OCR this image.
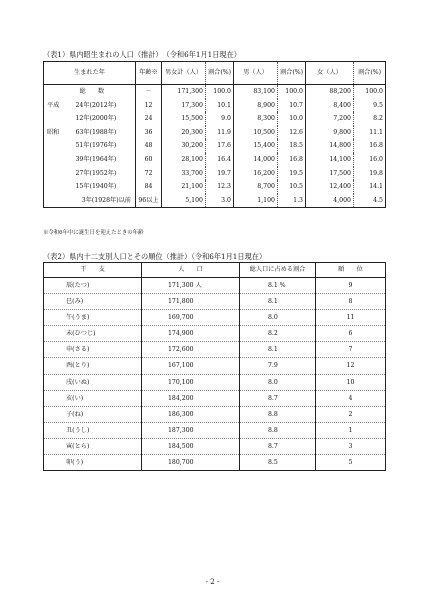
（表1）県内昭生まれの人口（推計）　（令和6年1月1日現在）
生まれた年		年齢※	男女計（人）	割合(%)	男（人）	割合(%)	女（人）	割合(%)
	総　　数	－	171,300	100.0	83,100	100.0	88,200	100.0
平成	24年(2012年)	12	17,300	10.1	8,900	10.7	8,400	9.5
	12年(2000年)	24	15,500	9.0	8,300	10.0	7,200	8.2
昭和	63年(1988年)	36	20,300	11.9	10,500	12.6	9,800	11.1
	51年(1976年)	48	30,200	17.6	15,400	18.5	14,800	16.8
	39年(1964年)	60	28,100	16.4	14,000	16.8	14,100	16.0
	27年(1952年)	72	33,700	19.7	16,200	19.5	17,500	19.8
	15年(1940年)	84	21,100	12.3	8,700	10.5	12,400	14.1
	3年(1928年)以前	96以上	5,100	3.0	1,100	1.3	4,000	4.5
※令和6年中に誕生日を迎えたときの年齢
（表2）県内十二支別人口とその順位（推計）（令和6年1月1日現在）
干　　支	人　　口	総人口に占める割合	順　　位
辰(たつ)	171,300 人	8.1 %	9
巳(み)	171,800	8.1	8
午(うま)	169,700	8.0	11
未(ひつじ)	174,900	8.2	6
申(さる)	172,600	8.1	7
酉(とり)	167,100	7.9	12
戌(いぬ)	170,100	8.0	10
亥(い)	184,200	8.7	4
子(ね)	186,300	8.8	2
丑(うし)	187,300	8.8	1
寅(とら)	184,500	8.7	3
卯(う)	180,700	8.5	5
- 2 -
